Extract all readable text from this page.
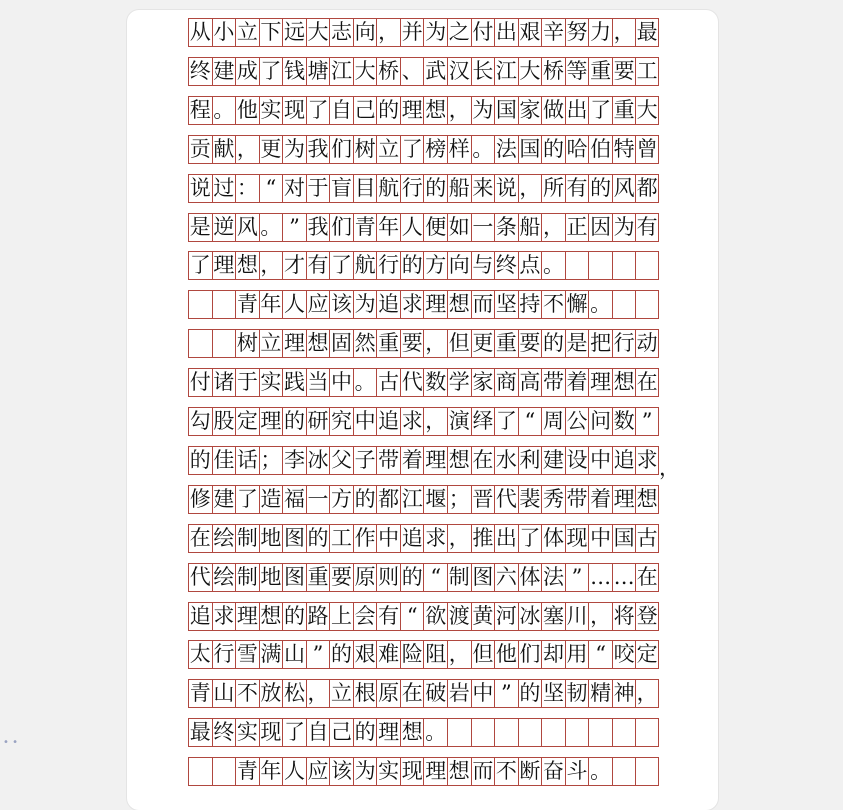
从 小 立 下 远 大 志 向 ， 并 为 之 付 出 艰 辛 努 力 ， 最
终 建 成 了 钱 塘 江 大 桥 、 武 汉 长 江 大 桥 等 重 要 工
程 。 他 实 现 了 自 己 的 理 想 ， 为 国 家 做 出 了 重 大
贡 献 ， 更 为 我 们 树 立 了 榜 样 。 法 国 的 哈 伯 特 曾
说 过 ： “ 对 于 盲 目 航 行 的 船 来 说 ， 所 有 的 风 都
是 逆 风 。 ” 我 们 青 年 人 便 如 一 条 船 ， 正 因 为 有
了 理 想 ， 才 有 了 航 行 的 方 向 与 终 点 。
青 年 人 应 该 为 追 求 理 想 而 坚 持 不 懈 。
树 立 理 想 固 然 重 要 ， 但 更 重 要 的 是 把 行 动
付 诸 于 实 践 当 中 。 古 代 数 学 家 商 高 带 着 理 想 在
勾 股 定 理 的 研 究 中 追 求 ， 演 绎 了 “ 周 公 问 数 ”
的 佳 话 ； 李 冰 父 子 带 着 理 想 在 水 利 建 设 中 追 求
修 建 了 造 福 一 方 的 都 江 堰 ； 晋 代 裴 秀 带 着 理 想
在 绘 制 地 图 的 工 作 中 追 求 ， 推 出 了 体 现 中 国 古
代 绘 制 地 图 重 要 原 则 的 “ 制 图 六 体 法 ” … … 在
追 求 理 想 的 路 上 会 有 “ 欲 渡 黄 河 冰 塞 川 ， 将 登
太 行 雪 满 山 ” 的 艰 难 险 阻 ， 但 他 们 却 用 “ 咬 定
青 山 不 放 松 ， 立 根 原 在 破 岩 中 ” 的 坚 韧 精 神 ，
最 终 实 现 了 自 己 的 理 想 。
青 年 人 应 该 为 实 现 理 想 而 不 断 奋 斗 。
，
• •
